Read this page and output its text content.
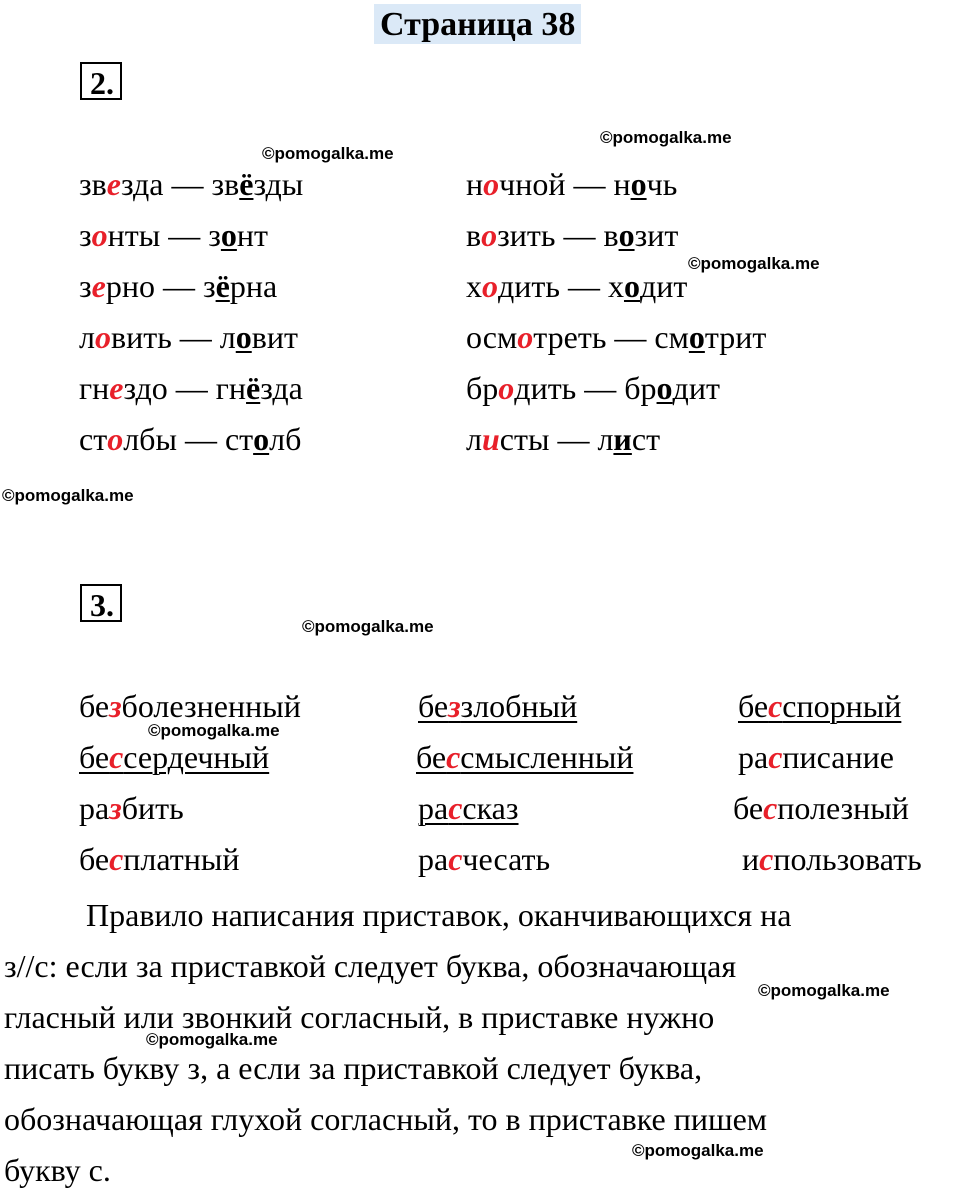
Страница 38
2.
звезда — звёзды	ночной — ночь
зонты — зонт	возить — возит
зерно — зёрна	ходить — ходит
ловить — ловит	осмотреть — смотрит
гнездо — гнёзда	бродить — бродит
столбы — столб	листы — лист
3.
безболезненный	беззлобный	бесспорный
бессердечный	бессмысленный	расписание
разбить	рассказ	бесполезный
бесплатный	расчесать	использовать

Правило написания приставок, оканчивающихся на

з//с: если за приставкой следует буква, обозначающая

гласный или звонкий согласный, в приставке нужно

писать букву з, а если за приставкой следует буква,

обозначающая глухой согласный, то в приставке пишем

букву с.

©pomogalka.me
©pomogalka.me
©pomogalka.me
©pomogalka.me
©pomogalka.me
©pomogalka.me
©pomogalka.me
©pomogalka.me
©pomogalka.me
